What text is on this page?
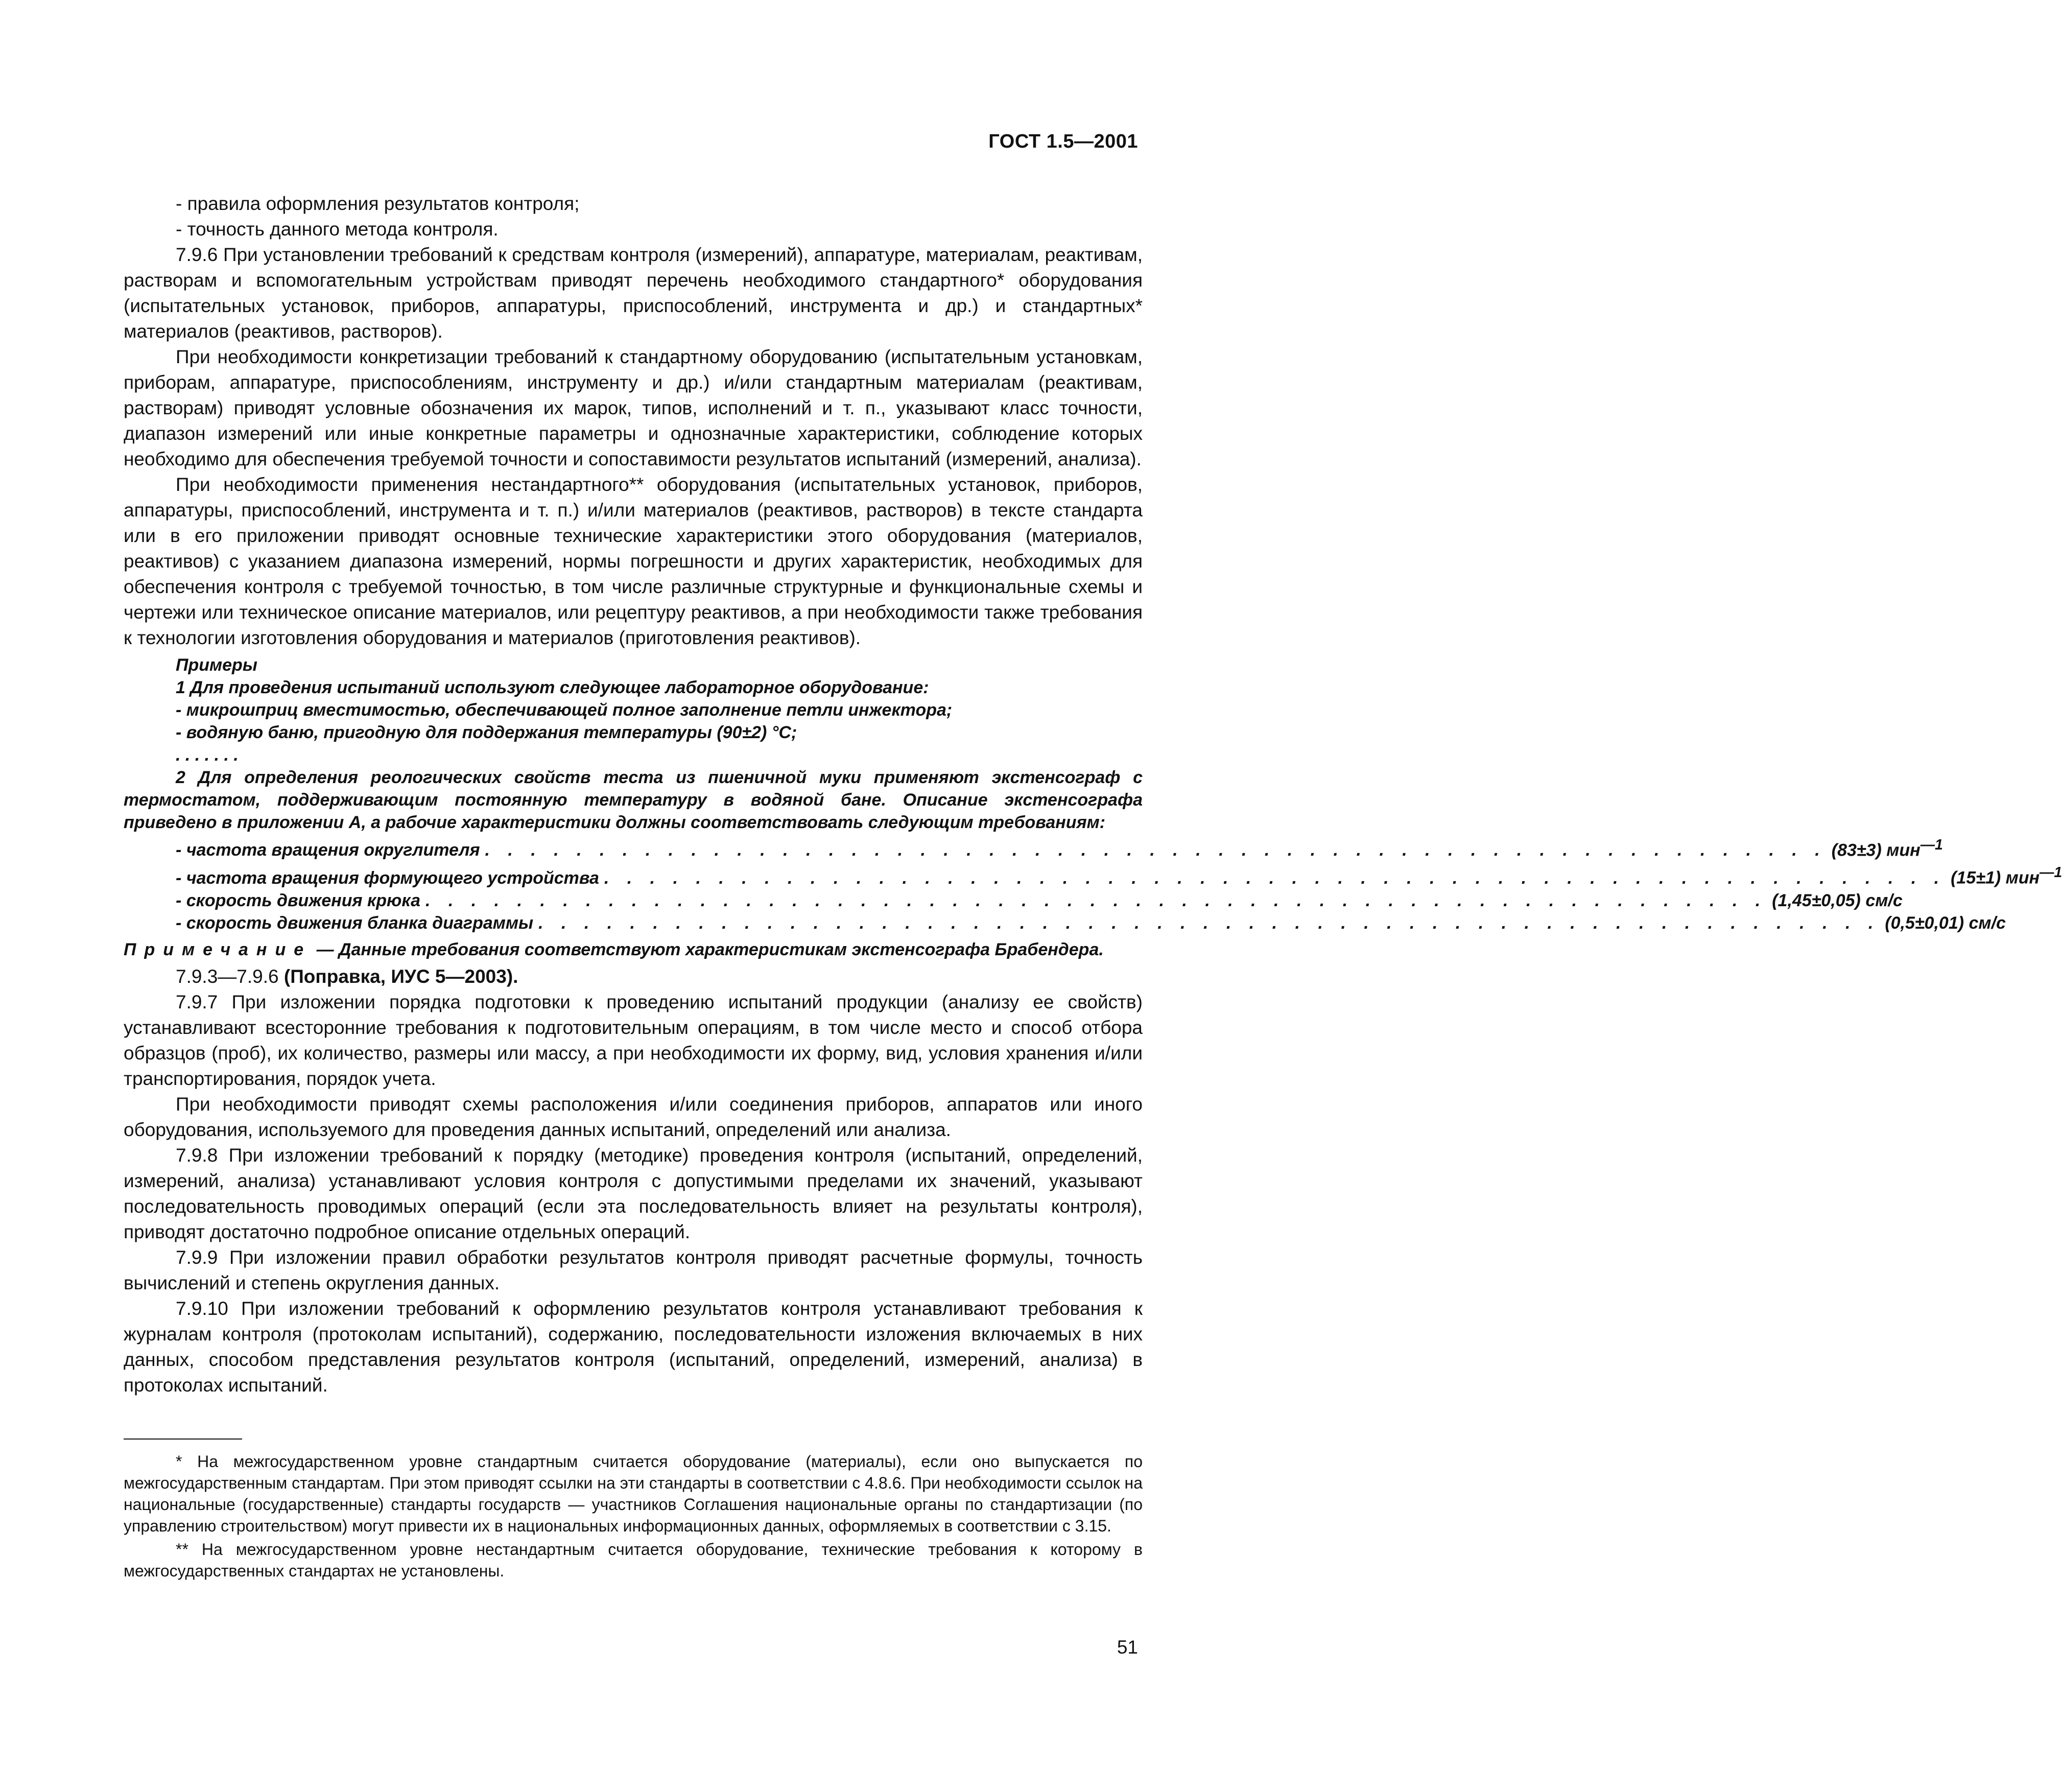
ГОСТ 1.5—2001

- правила оформления результатов контроля;

- точность данного метода контроля.

7.9.6 При установлении требований к средствам контроля (измерений), аппаратуре, материалам, реактивам, растворам и вспомогательным устройствам приводят перечень необходимого стандартного* оборудования (испытательных установок, приборов, аппаратуры, приспособлений, инструмента и др.) и стандартных* материалов (реактивов, растворов).

При необходимости конкретизации требований к стандартному оборудованию (испытательным установкам, приборам, аппаратуре, приспособлениям, инструменту и др.) и/или стандартным материалам (реактивам, растворам) приводят условные обозначения их марок, типов, исполнений и т. п., указывают класс точности, диапазон измерений или иные конкретные параметры и однозначные характеристики, соблюдение которых необходимо для обеспечения требуемой точности и сопоставимости результатов испытаний (измерений, анализа).

При необходимости применения нестандартного** оборудования (испытательных установок, приборов, аппаратуры, приспособлений, инструмента и т. п.) и/или материалов (реактивов, растворов) в тексте стандарта или в его приложении приводят основные технические характеристики этого оборудования (материалов, реактивов) с указанием диапазона измерений, нормы погрешности и других характеристик, необходимых для обеспечения контроля с требуемой точностью, в том числе различные структурные и функциональные схемы и чертежи или техническое описание материалов, или рецептуру реактивов, а при необходимости также требования к технологии изготовления оборудования и материалов (приготовления реактивов).

Примеры

1 Для проведения испытаний используют следующее лабораторное оборудование:

- микрошприц вместимостью, обеспечивающей полное заполнение петли инжектора;

- водяную баню, пригодную для поддержания температуры (90±2) °С;

. . . . . . .

2 Для определения реологических свойств теста из пшеничной муки применяют экстенсограф с термостатом, поддерживающим постоянную температуру в водяной бане. Описание экстенсографа приведено в приложении А, а рабочие характеристики должны соответствовать следующим требованиям:

- частота вращения округлителя . . . . . . . . . . . . . . . . . . . . . . . . . . . . . . . . . . . . . . . . . . . . . . . . . . . . . . . . . . . (83±3) мин$^{—1}$
- частота вращения формующего устройства . . . . . . . . . . . . . . . . . . . . . . . . . . . . . . . . . . . . . . . . . . . . . . . . . . . . . . . . . . . (15±1) мин$^{—1}$
- скорость движения крюка . . . . . . . . . . . . . . . . . . . . . . . . . . . . . . . . . . . . . . . . . . . . . . . . . . . . . . . . . . . (1,45±0,05) см/с
- скорость движения бланка диаграммы . . . . . . . . . . . . . . . . . . . . . . . . . . . . . . . . . . . . . . . . . . . . . . . . . . . . . . . . . . . (0,5±0,01) см/с

Примечание — Данные требования соответствуют характеристикам экстенсографа Брабендера.

7.9.3—7.9.6 (Поправка, ИУС 5—2003).

7.9.7 При изложении порядка подготовки к проведению испытаний продукции (анализу ее свойств) устанавливают всесторонние требования к подготовительным операциям, в том числе место и способ отбора образцов (проб), их количество, размеры или массу, а при необходимости их форму, вид, условия хранения и/или транспортирования, порядок учета.

При необходимости приводят схемы расположения и/или соединения приборов, аппаратов или иного оборудования, используемого для проведения данных испытаний, определений или анализа.

7.9.8 При изложении требований к порядку (методике) проведения контроля (испытаний, определений, измерений, анализа) устанавливают условия контроля с допустимыми пределами их значений, указывают последовательность проводимых операций (если эта последовательность влияет на результаты контроля), приводят достаточно подробное описание отдельных операций.

7.9.9 При изложении правил обработки результатов контроля приводят расчетные формулы, точность вычислений и степень округления данных.

7.9.10 При изложении требований к оформлению результатов контроля устанавливают требования к журналам контроля (протоколам испытаний), содержанию, последовательности изложения включаемых в них данных, способом представления результатов контроля (испытаний, определений, измерений, анализа) в протоколах испытаний.

* На межгосударственном уровне стандартным считается оборудование (материалы), если оно выпускается по межгосударственным стандартам. При этом приводят ссылки на эти стандарты в соответствии с 4.8.6. При необходимости ссылок на национальные (государственные) стандарты государств — участников Соглашения национальные органы по стандартизации (по управлению строительством) могут привести их в национальных информационных данных, оформляемых в соответствии с 3.15.

** На межгосударственном уровне нестандартным считается оборудование, технические требования к которому в межгосударственных стандартах не установлены.

51
